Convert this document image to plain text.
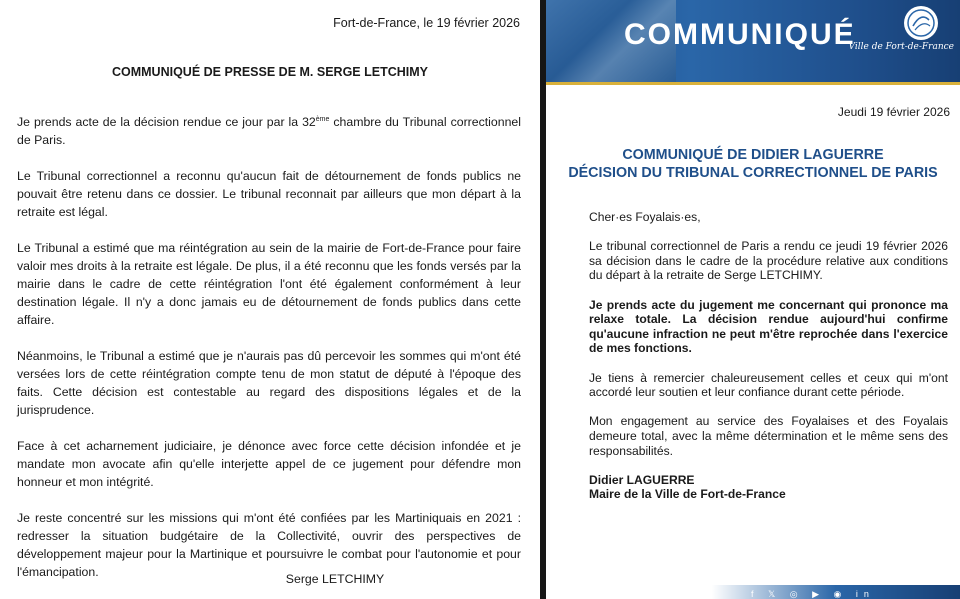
Fort-de-France, le 19 février 2026
COMMUNIQUÉ DE PRESSE DE M. SERGE LETCHIMY

Je prends acte de la décision rendue ce jour par la 32ème chambre du Tribunal correctionnel de Paris.

Le Tribunal correctionnel a reconnu qu'aucun fait de détournement de fonds publics ne pouvait être retenu dans ce dossier. Le tribunal reconnait par ailleurs que mon départ à la retraite est légal.

Le Tribunal a estimé que ma réintégration au sein de la mairie de Fort-de-France pour faire valoir mes droits à la retraite est légale. De plus, il a été reconnu que les fonds versés par la mairie dans le cadre de cette réintégration l'ont été également conformément à leur destination légale. Il n'y a donc jamais eu de détournement de fonds publics dans cette affaire.

Néanmoins, le Tribunal a estimé que je n'aurais pas dû percevoir les sommes qui m'ont été versées lors de cette réintégration compte tenu de mon statut de député à l'époque des faits. Cette décision est contestable au regard des dispositions légales et de la jurisprudence.

Face à cet acharnement judiciaire, je dénonce avec force cette décision infondée et je mandate mon avocate afin qu'elle interjette appel de ce jugement pour défendre mon honneur et mon intégrité.

Je reste concentré sur les missions qui m'ont été confiées par les Martiniquais en 2021 : redresser la situation budgétaire de la Collectivité, ouvrir des perspectives de développement majeur pour la Martinique et poursuivre le combat pour l'autonomie et pour l'émancipation.	Serge LETCHIMY
COMMUNIQUÉ
Ville de Fort-de-France
Jeudi 19 février 2026
COMMUNIQUÉ DE DIDIER LAGUERRE
DÉCISION DU TRIBUNAL CORRECTIONNEL DE PARIS

Cher·es Foyalais·es,

Le tribunal correctionnel de Paris a rendu ce jeudi 19 février 2026 sa décision dans le cadre de la procédure relative aux conditions du départ à la retraite de Serge LETCHIMY.

Je prends acte du jugement me concernant qui prononce ma relaxe totale. La décision rendue aujourd'hui confirme qu'aucune infraction ne peut m'être reprochée dans l'exercice de mes fonctions.

Je tiens à remercier chaleureusement celles et ceux qui m'ont accordé leur soutien et leur confiance durant cette période.

Mon engagement au service des Foyalaises et des Foyalais demeure total, avec la même détermination et le même sens des responsabilités.

Didier LAGUERRE
Maire de la Ville de Fort-de-France
f 𝕏 ◎ ▶ ◉ in
